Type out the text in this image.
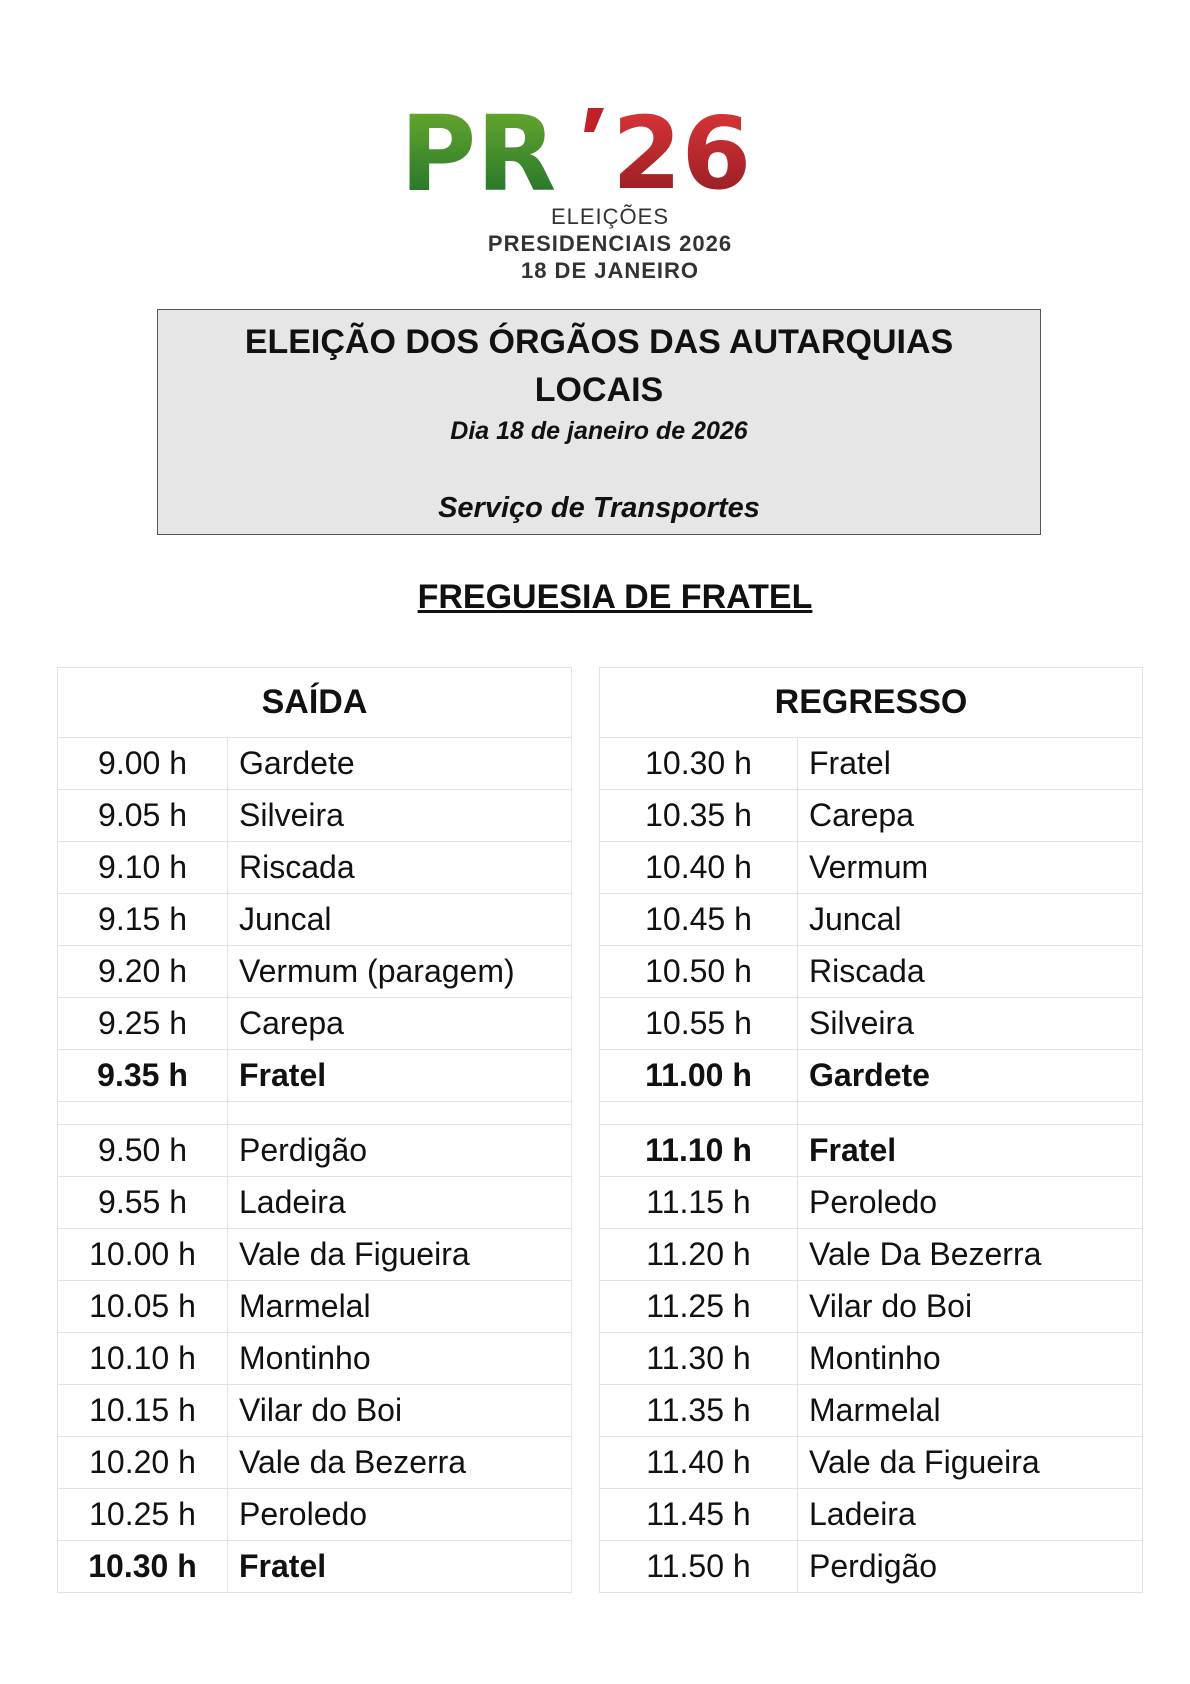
PR 26
ELEIÇÕES
PRESIDENCIAIS 2026
18 DE JANEIRO
ELEIÇÃO DOS ÓRGÃOS DAS AUTARQUIAS LOCAIS
Dia 18 de janeiro de 2026
Serviço de Transportes
FREGUESIA DE FRATEL
SAÍDA	
9.00 h	Gardete
9.05 h	Silveira
9.10 h	Riscada
9.15 h	Juncal
9.20 h	Vermum (paragem)
9.25 h	Carepa
9.35 h	Fratel

9.50 h	Perdigão
9.55 h	Ladeira
10.00 h	Vale da Figueira
10.05 h	Marmelal
10.10 h	Montinho
10.15 h	Vilar do Boi
10.20 h	Vale da Bezerra
10.25 h	Peroledo
10.30 h	Fratel
REGRESSO	
10.30 h	Fratel
10.35 h	Carepa
10.40 h	Vermum
10.45 h	Juncal
10.50 h	Riscada
10.55 h	Silveira
11.00 h	Gardete

11.10 h	Fratel
11.15 h	Peroledo
11.20 h	Vale Da Bezerra
11.25 h	Vilar do Boi
11.30 h	Montinho
11.35 h	Marmelal
11.40 h	Vale da Figueira
11.45 h	Ladeira
11.50 h	Perdigão
